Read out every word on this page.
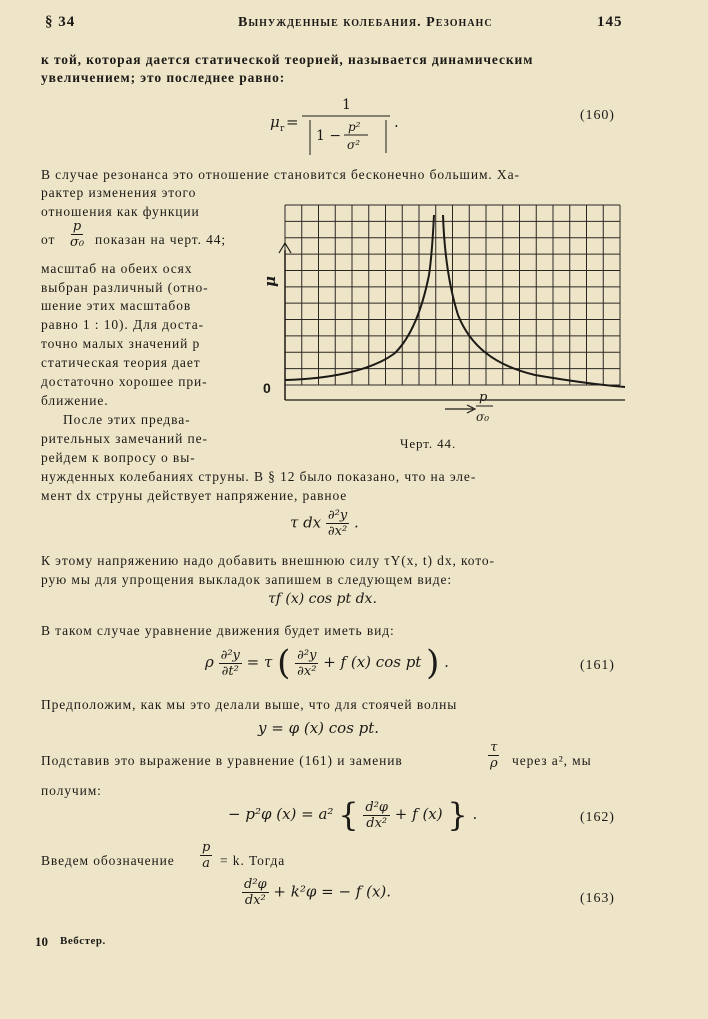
§ 34	Вынужденные колебания. Резонанс	145
к той, которая дается статической теорией, называется динамическим
увеличением; это последнее равно:
μ r =
1
1 −
p²
σ²
.	(160)
В случае резонанса это отношение становится бесконечно большим. Ха-
рактер изменения этого
отношения как функции
от $\frac{p}{\text{σ₀}}$ показан на черт. 44;
масштаб на обеих осях
выбран различный (отно-
шение этих масштабов
равно 1 : 10). Для доста-
точно малых значений p
статическая теория дает
достаточно хорошее при-
ближение.
После этих предва-
рительных замечаний пе-
рейдем к вопросу о вы-
нужденных колебаниях струны. В § 12 было показано, что на эле-
мент dx струны действует напряжение, равное
0
μ
p
σ₀
Черт. 44.
τ dx $\frac{\text{∂²y}}{\text{∂x²}}$ .
К этому напряжению надо добавить внешнюю силу τY(x, t) dx, кото-
рую мы для упрощения выкладок запишем в следующем виде:
τf (x) cos pt dx.
В таком случае уравнение движения будет иметь вид:
ρ $\frac{\text{∂²y}}{\text{∂t²}} = \tau$ ( $\frac{\text{∂²y}}{\text{∂x²}} + f$ (x) cos pt ) .	(161)
Предположим, как мы это делали выше, что для стоячей волны
y = φ (x) cos pt.
Подставив это выражение в уравнение (161) и заменив	$\frac{\tau}{\rho}$ через a², мы
получим:
− p²φ (x) = a² { $\frac{\text{d²φ}}{\text{dx²}} + f$ (x) } .	(162)
Введем обозначение $\frac{p}{a} = k$. Тогда
$\frac{\text{d²φ}}{\text{dx²}} + k^2\varphi$ = − f (x).	(163)
10 Вебстер.
